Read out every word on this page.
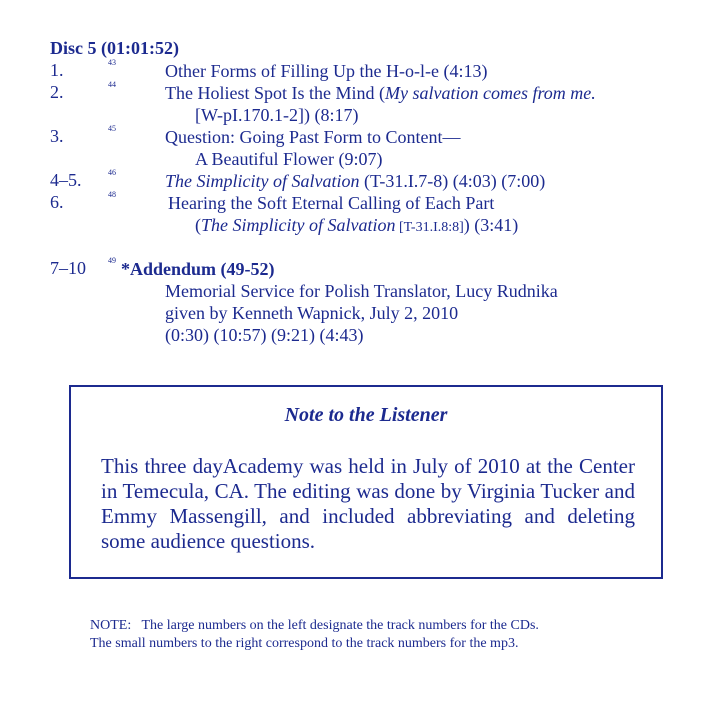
Disc 5 (01:01:52)
1.	43	Other Forms of Filling Up the H-o-l-e (4:13)
2.	44	The Holiest Spot Is the Mind (My salvation comes from me.
[W-pI.170.1-2]) (8:17)
3.	45	Question: Going Past Form to Content—
A Beautiful Flower (9:07)
4–5.	46	The Simplicity of Salvation (T-31.I.7-8) (4:03) (7:00)
6.	48	Hearing the Soft Eternal Calling of Each Part
(The Simplicity of Salvation [T-31.I.8:8]) (3:41)
7–10	49 *Addendum (49-52)
Memorial Service for Polish Translator, Lucy Rudnika
given by Kenneth Wapnick, July 2, 2010
(0:30) (10:57) (9:21) (4:43)
Note to the Listener
This three dayAcademy was held in July of 2010 at the Center in Temecula, CA. The editing was done by Virginia Tucker and Emmy Massengill, and included abbreviating and deleting some audience questions.
NOTE:   The large numbers on the left designate the track numbers for the CDs.
The small numbers to the right correspond to the track numbers for the mp3.
